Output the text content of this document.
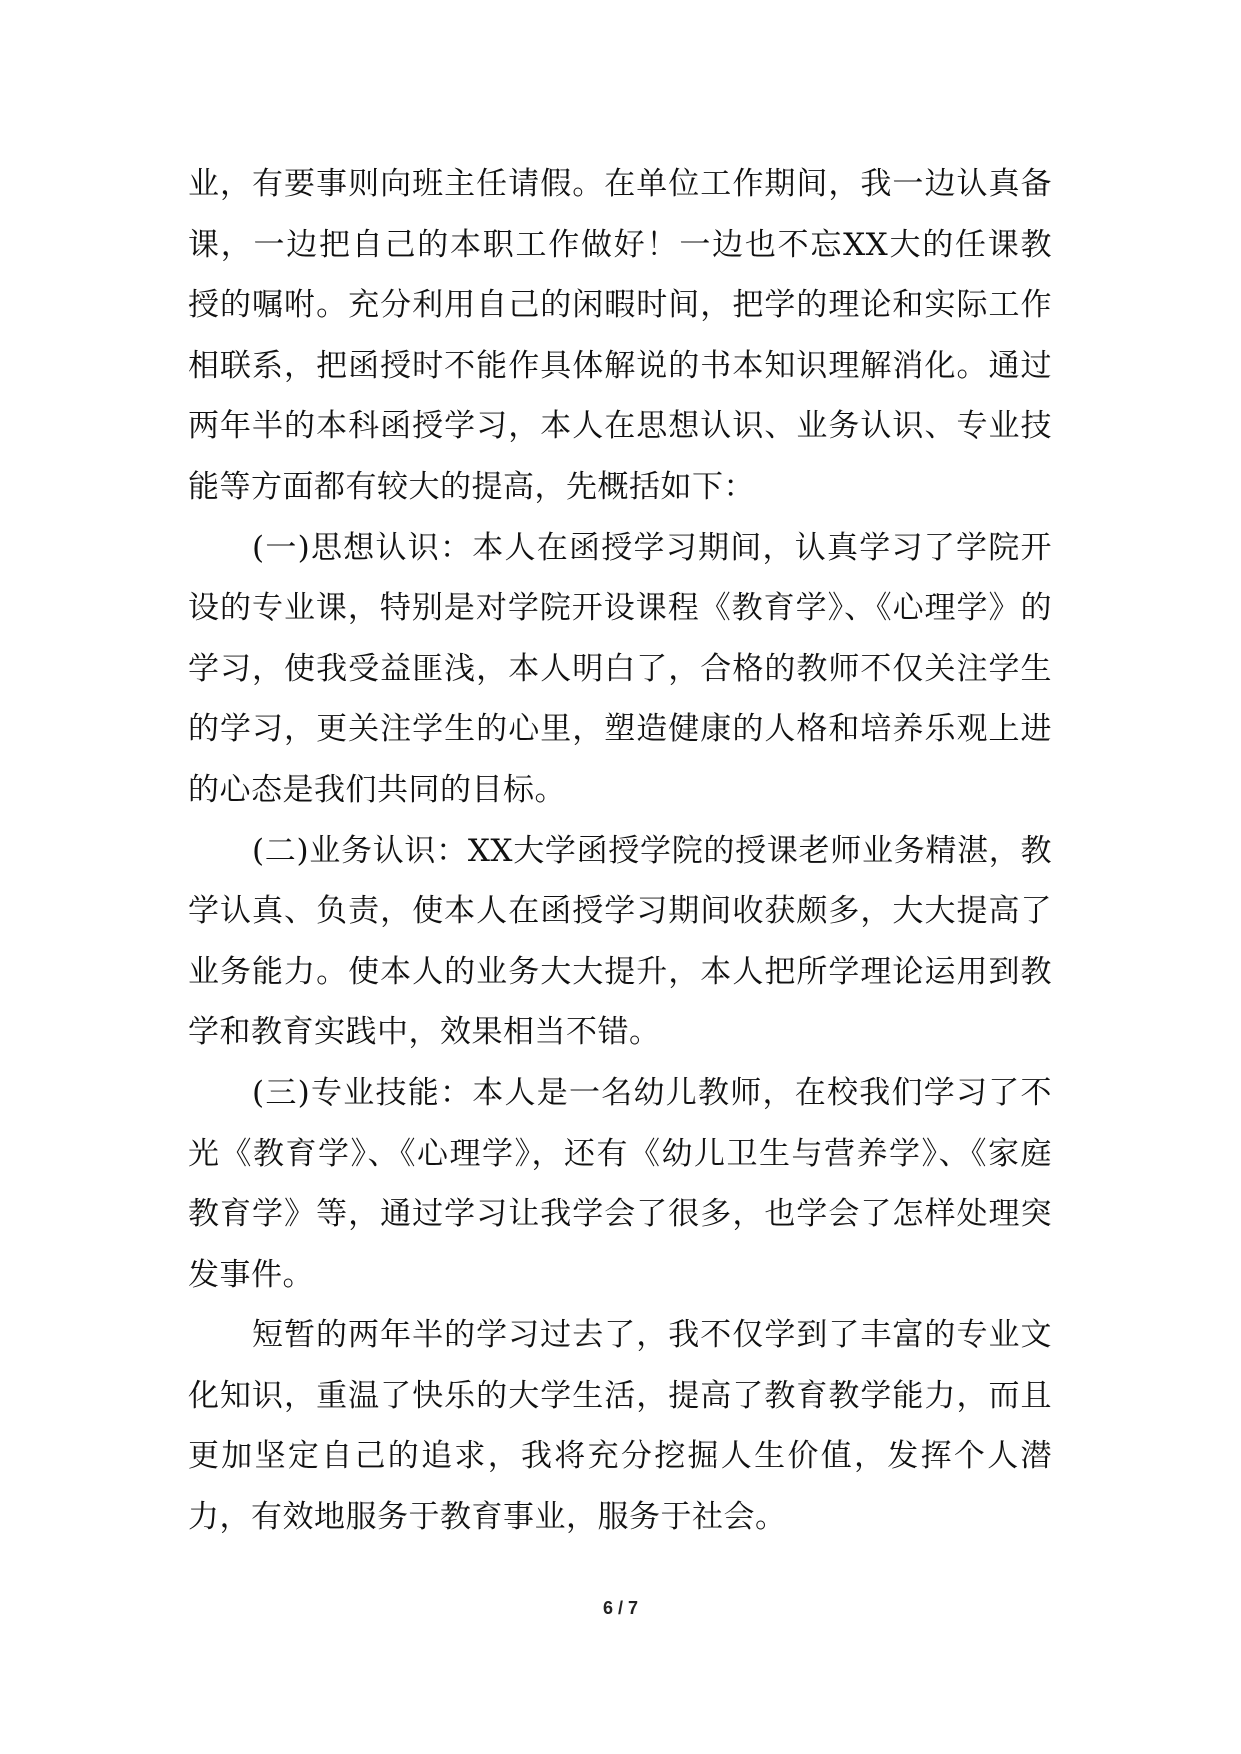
业，有要事则向班主任请假。在单位工作期间，我一边认真备课，一边把自己的本职工作做好！一边也不忘XX大的任课教授的嘱咐。充分利用自己的闲暇时间，把学的理论和实际工作相联系，把函授时不能作具体解说的书本知识理解消化。通过两年半的本科函授学习，本人在思想认识、业务认识、专业技能等方面都有较大的提高，先概括如下：

(一)思想认识：本人在函授学习期间，认真学习了学院开设的专业课，特别是对学院开设课程《教育学》、《心理学》的学习，使我受益匪浅，本人明白了，合格的教师不仅关注学生的学习，更关注学生的心里，塑造健康的人格和培养乐观上进的心态是我们共同的目标。

(二)业务认识：XX大学函授学院的授课老师业务精湛，教学认真、负责，使本人在函授学习期间收获颇多，大大提高了业务能力。使本人的业务大大提升，本人把所学理论运用到教学和教育实践中，效果相当不错。

(三)专业技能：本人是一名幼儿教师，在校我们学习了不光《教育学》、《心理学》，还有《幼儿卫生与营养学》、《家庭教育学》等，通过学习让我学会了很多，也学会了怎样处理突发事件。

短暂的两年半的学习过去了，我不仅学到了丰富的专业文化知识，重温了快乐的大学生活，提高了教育教学能力，而且更加坚定自己的追求，我将充分挖掘人生价值，发挥个人潜力，有效地服务于教育事业，服务于社会。

6 / 7
